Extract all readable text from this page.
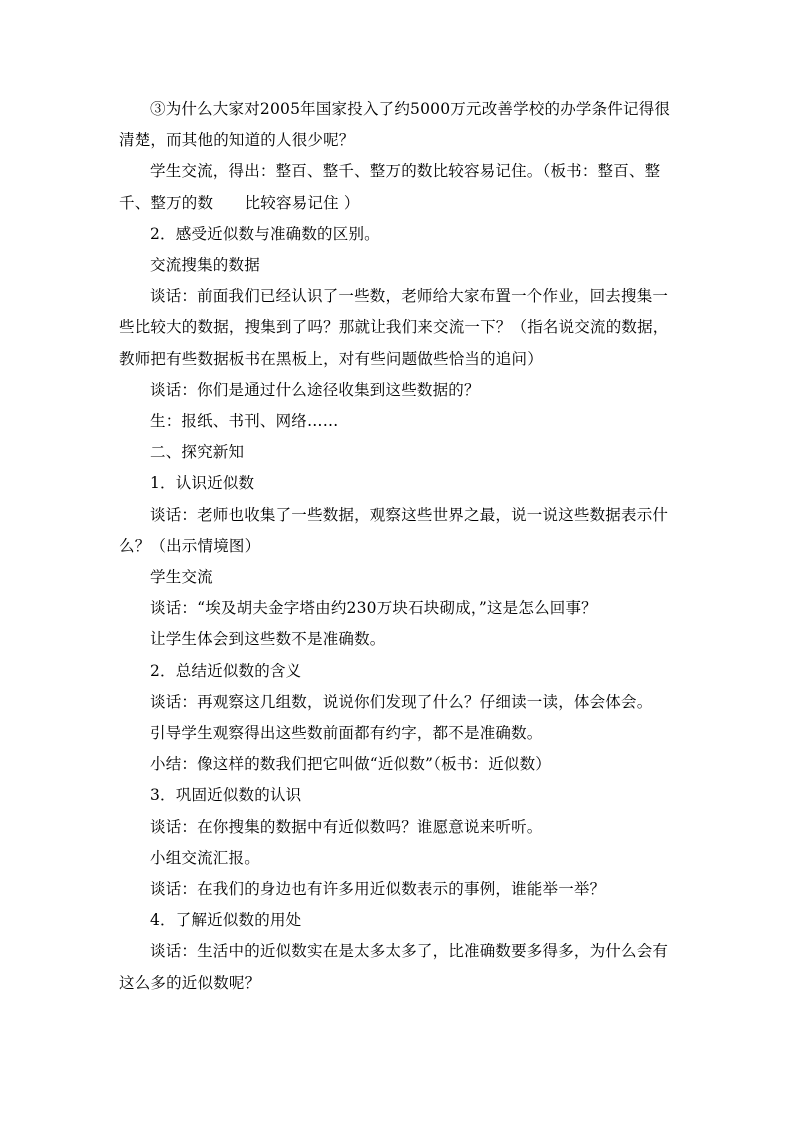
③为什么大家对2005年国家投入了约5000万元改善学校的办学条件记得很清楚，而其他的知道的人很少呢？

学生交流，得出：整百、整千、整万的数比较容易记住。（板书：整百、整千、整万的数　　比较容易记住 ）

2．感受近似数与准确数的区别。

交流搜集的数据

谈话：前面我们已经认识了一些数，老师给大家布置一个作业，回去搜集一些比较大的数据，搜集到了吗？那就让我们来交流一下？（指名说交流的数据，教师把有些数据板书在黑板上，对有些问题做些恰当的追问）

谈话：你们是通过什么途径收集到这些数据的？

生：报纸、书刊、网络……

二、探究新知

1．认识近似数

谈话：老师也收集了一些数据，观察这些世界之最，说一说这些数据表示什么？（出示情境图）

学生交流

谈话：“埃及胡夫金字塔由约230万块石块砌成，”这是怎么回事？

让学生体会到这些数不是准确数。

2．总结近似数的含义

谈话：再观察这几组数，说说你们发现了什么？仔细读一读，体会体会。

引导学生观察得出这些数前面都有约字，都不是准确数。

小结：像这样的数我们把它叫做“近似数”（板书：近似数）

3．巩固近似数的认识

谈话：在你搜集的数据中有近似数吗？谁愿意说来听听。

小组交流汇报。

谈话：在我们的身边也有许多用近似数表示的事例，谁能举一举？

4．了解近似数的用处

谈话：生活中的近似数实在是太多太多了，比准确数要多得多，为什么会有这么多的近似数呢？
